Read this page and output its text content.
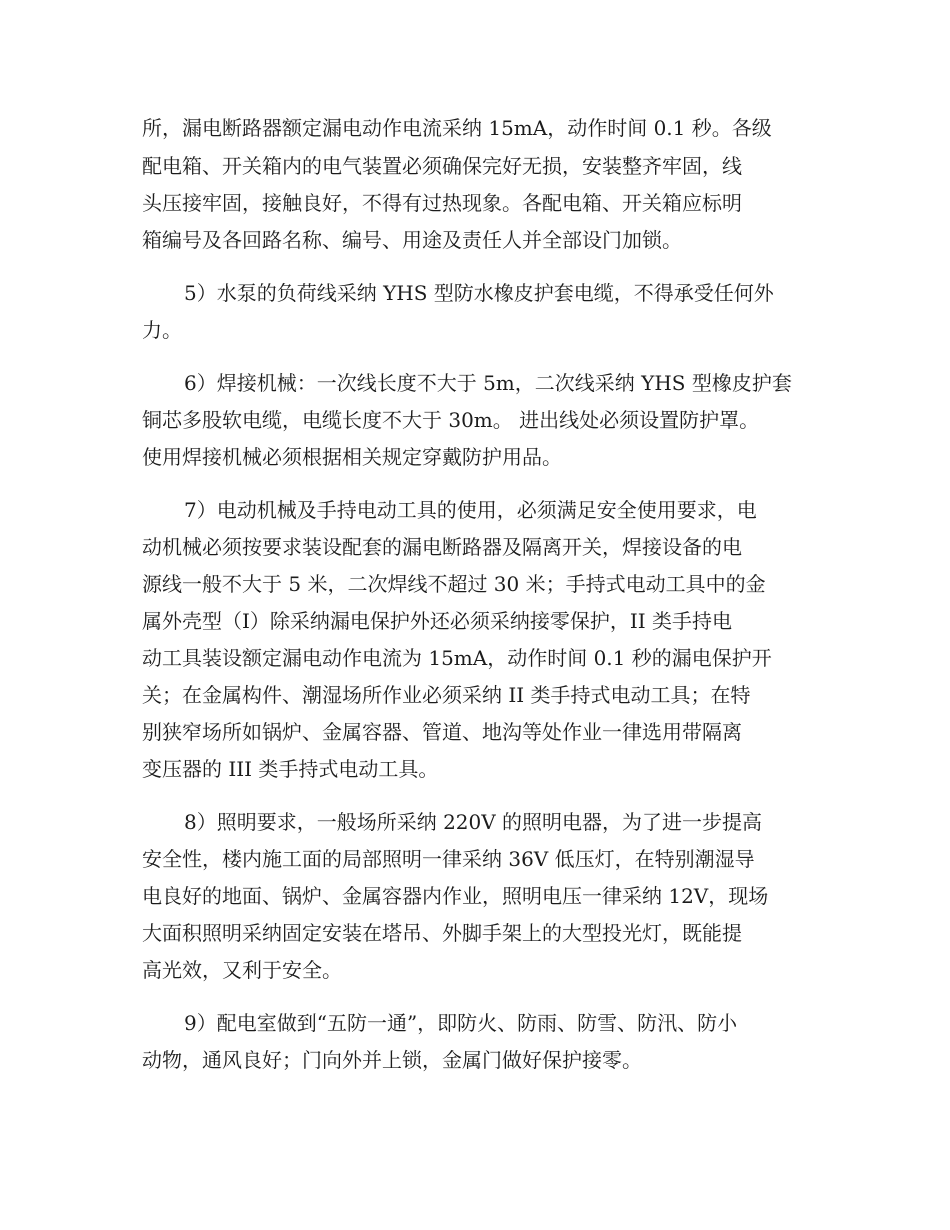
所，漏电断路器额定漏电动作电流采纳 15mA，动作时间 0.1 秒。各级
配电箱、开关箱内的电气装置必须确保完好无损，安装整齐牢固，线
头压接牢固，接触良好，不得有过热现象。各配电箱、开关箱应标明
箱编号及各回路名称、编号、用途及责任人并全部设门加锁。
5）水泵的负荷线采纳 YHS 型防水橡皮护套电缆，不得承受任何外
力。
6）焊接机械：一次线长度不大于 5m，二次线采纳 YHS 型橡皮护套
铜芯多股软电缆，电缆长度不大于 30m。 进出线处必须设置防护罩。
使用焊接机械必须根据相关规定穿戴防护用品。
7）电动机械及手持电动工具的使用，必须满足安全使用要求，电
动机械必须按要求装设配套的漏电断路器及隔离开关，焊接设备的电
源线一般不大于 5 米，二次焊线不超过 30 米；手持式电动工具中的金
属外壳型（Ⅰ）除采纳漏电保护外还必须采纳接零保护，II 类手持电
动工具装设额定漏电动作电流为 15mA，动作时间 0.1 秒的漏电保护开
关；在金属构件、潮湿场所作业必须采纳 II 类手持式电动工具；在特
别狭窄场所如锅炉、金属容器、管道、地沟等处作业一律选用带隔离
变压器的 III 类手持式电动工具。
8）照明要求，一般场所采纳 220V 的照明电器，为了进一步提高
安全性，楼内施工面的局部照明一律采纳 36V 低压灯，在特别潮湿导
电良好的地面、锅炉、金属容器内作业，照明电压一律采纳 12V，现场
大面积照明采纳固定安装在塔吊、外脚手架上的大型投光灯，既能提
高光效，又利于安全。
9）配电室做到“五防一通”，即防火、防雨、防雪、防汛、防小
动物，通风良好；门向外并上锁，金属门做好保护接零。
